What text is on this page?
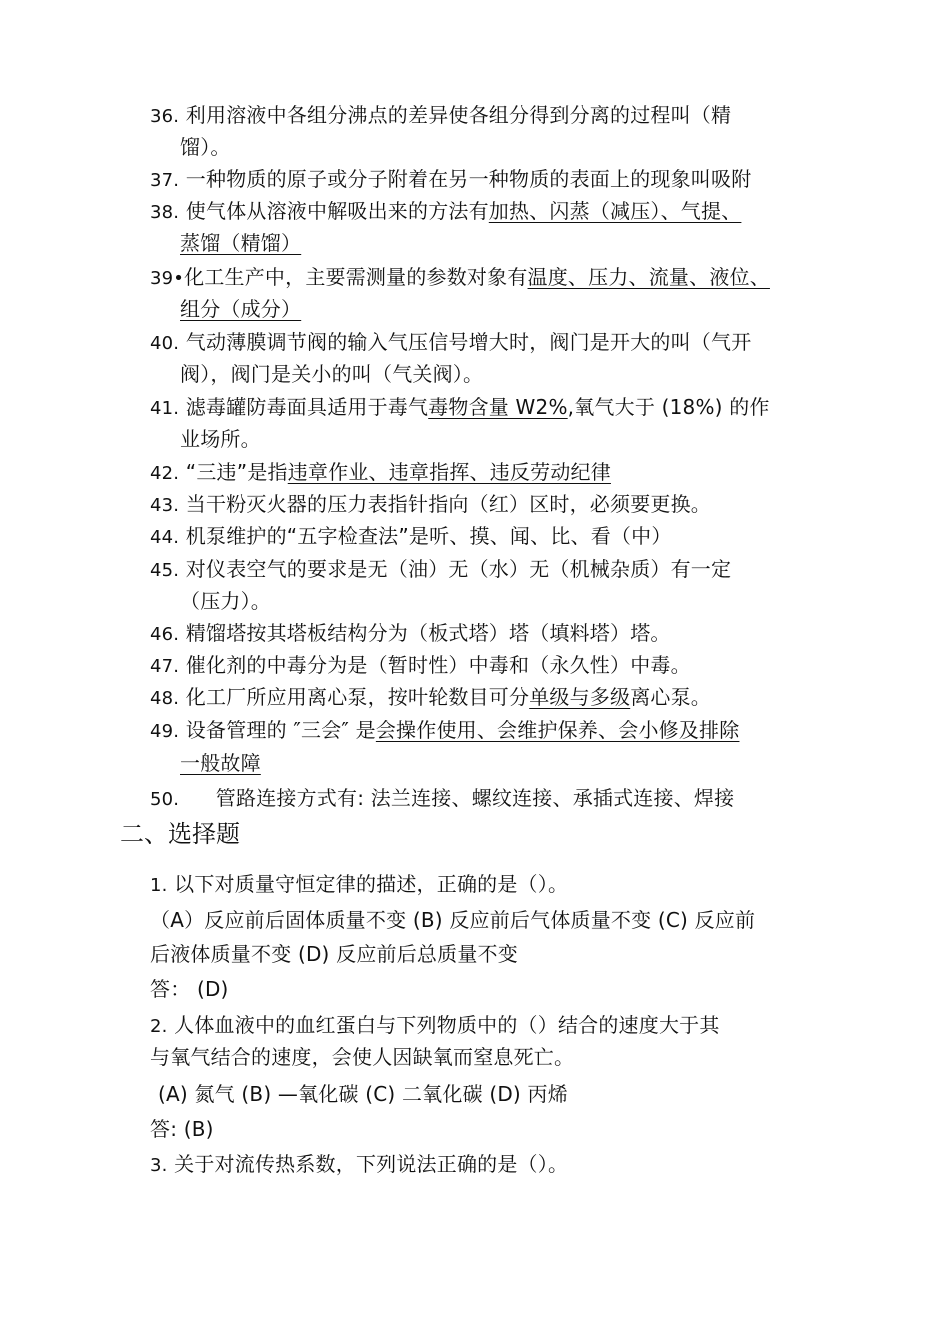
36. 利用溶液中各组分沸点的差异使各组分得到分离的过程叫（精
馏）。
37. 一种物质的原子或分子附着在另一种物质的表面上的现象叫吸附
38. 使气体从溶液中解吸出来的方法有加热、闪蒸（减压）、气提、
蒸馏（精馏）
39•化工生产中，主要需测量的参数对象有温度、压力、流量、液位、
组分（成分）
40. 气动薄膜调节阀的输入气压信号增大时，阀门是开大的叫（气开
阀），阀门是关小的叫（气关阀）。
41. 滤毒罐防毒面具适用于毒气毒物含量 W2%,氧气大于 (18%) 的作
业场所。
42. “三违”是指违章作业、违章指挥、违反劳动纪律
43. 当干粉灭火器的压力表指针指向（红）区时，必须要更换。
44. 机泵维护的“五字检查法”是听、摸、闻、比、看（中）
45. 对仪表空气的要求是无（油）无（水）无（机械杂质）有一定
（压力）。
46. 精馏塔按其塔板结构分为（板式塔）塔（填料塔）塔。
47. 催化剂的中毒分为是（暂时性）中毒和（永久性）中毒。
48. 化工厂所应用离心泵，按叶轮数目可分单级与多级离心泵。
49. 设备管理的 ″三会″ 是会操作使用、会维护保养、会小修及排除
一般故障
50. 管路连接方式有: 法兰连接、螺纹连接、承插式连接、焊接
二、选择题
1. 以下对质量守恒定律的描述，正确的是（）。
（A）反应前后固体质量不变 (B) 反应前后气体质量不变 (C) 反应前
后液体质量不变 (D) 反应前后总质量不变
答： (D)
2. 人体血液中的血红蛋白与下列物质中的（）结合的速度大于其
与氧气结合的速度，会使人因缺氧而窒息死亡。
(A) 氮气 (B) —氧化碳 (C) 二氧化碳 (D) 丙烯
答: (B)
3. 关于对流传热系数，下列说法正确的是（）。
